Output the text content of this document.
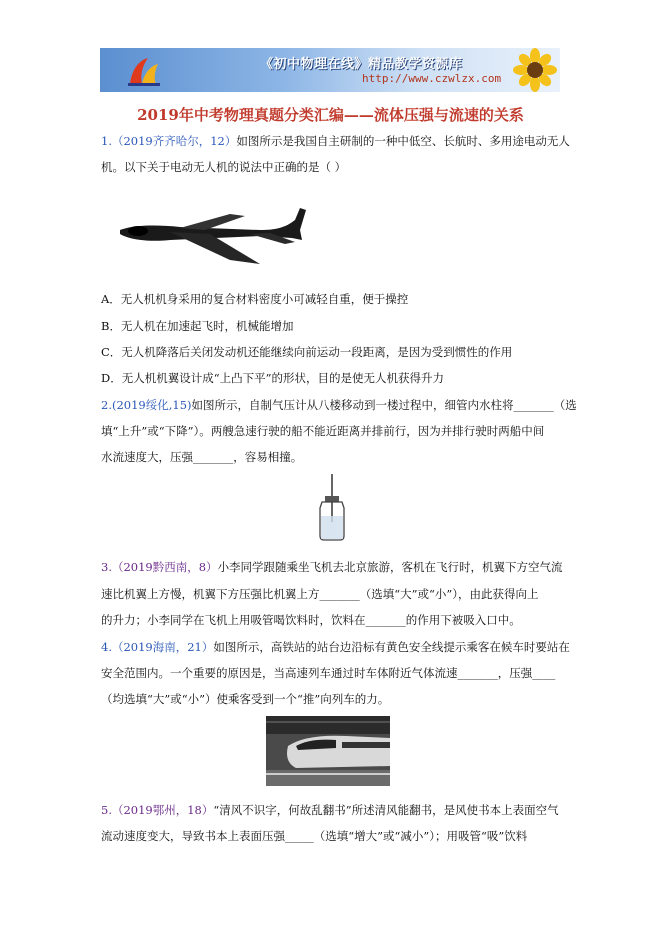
《初中物理在线》精品教学资源库
http://www.czwlzx.com
2019年中考物理真题分类汇编——流体压强与流速的关系
1.（2019齐齐哈尔，12）如图所示是我国自主研制的一种中低空、长航时、多用途电动无人
机。以下关于电动无人机的说法中正确的是（ ）
A．无人机机身采用的复合材料密度小可减轻自重，便于操控
B．无人机在加速起飞时，机械能增加
C．无人机降落后关闭发动机还能继续向前运动一段距离，是因为受到惯性的作用
D．无人机机翼设计成“上凸下平”的形状，目的是使无人机获得升力
2.(2019绥化,15)如图所示，自制气压计从八楼移动到一楼过程中，细管内水柱将_______（选
填“上升”或“下降”）。两艘急速行驶的船不能近距离并排前行，因为并排行驶时两船中间
水流速度大，压强_______，容易相撞。
3.（2019黔西南，8）小李同学跟随乘坐飞机去北京旅游，客机在飞行时，机翼下方空气流
速比机翼上方慢，机翼下方压强比机翼上方_______（选填“大”或“小”），由此获得向上
的升力；小李同学在飞机上用吸管喝饮料时，饮料在_______的作用下被吸入口中。
4.（2019海南，21）如图所示，高铁站的站台边沿标有黄色安全线提示乘客在候车时要站在
安全范围内。一个重要的原因是，当高速列车通过时车体附近气体流速_______，压强____
（均选填“大”或“小”）使乘客受到一个“推”向列车的力。
5.（2019鄂州，18）“清风不识字，何故乱翻书”所述清风能翻书，是风使书本上表面空气
流动速度变大，导致书本上表面压强_____（选填“增大”或“减小”）；用吸管“吸”饮料
